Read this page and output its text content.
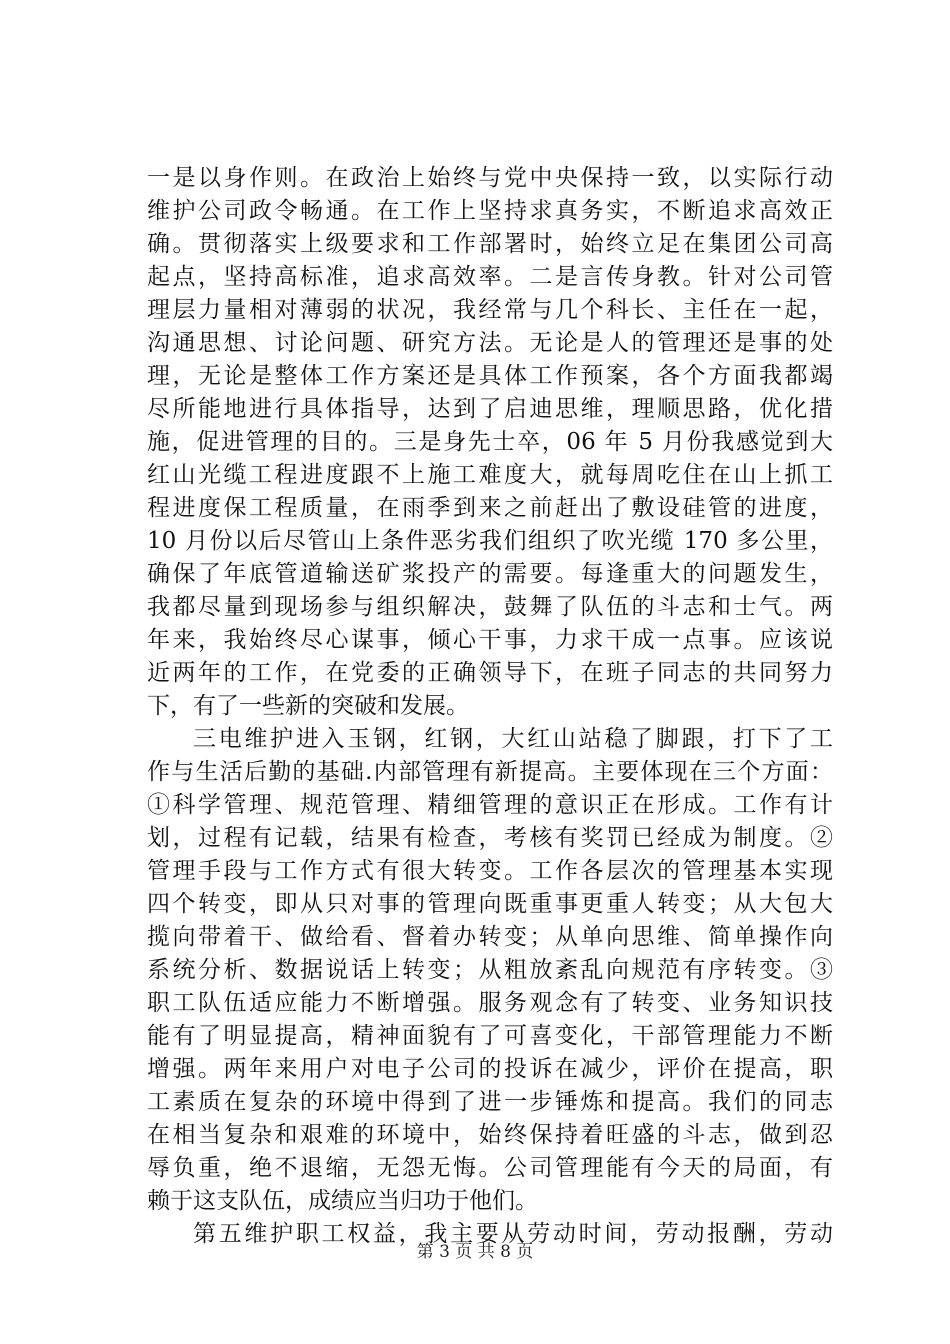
一是以身作则。在政治上始终与党中央保持一致，以实际行动
维护公司政令畅通。在工作上坚持求真务实，不断追求高效正
确。贯彻落实上级要求和工作部署时，始终立足在集团公司高
起点，坚持高标准，追求高效率。二是言传身教。针对公司管
理层力量相对薄弱的状况，我经常与几个科长、主任在一起，
沟通思想、讨论问题、研究方法。无论是人的管理还是事的处
理，无论是整体工作方案还是具体工作预案，各个方面我都竭
尽所能地进行具体指导，达到了启迪思维，理顺思路，优化措
施，促进管理的目的。三是身先士卒，06 年 5 月份我感觉到大
红山光缆工程进度跟不上施工难度大，就每周吃住在山上抓工
程进度保工程质量，在雨季到来之前赶出了敷设硅管的进度，
10 月份以后尽管山上条件恶劣我们组织了吹光缆 170 多公里，
确保了年底管道输送矿浆投产的需要。每逢重大的问题发生，
我都尽量到现场参与组织解决，鼓舞了队伍的斗志和士气。两
年来，我始终尽心谋事，倾心干事，力求干成一点事。应该说
近两年的工作，在党委的正确领导下，在班子同志的共同努力
下，有了一些新的突破和发展。
三电维护进入玉钢，红钢，大红山站稳了脚跟，打下了工
作与生活后勤的基础.内部管理有新提高。主要体现在三个方面：
①科学管理、规范管理、精细管理的意识正在形成。工作有计
划，过程有记载，结果有检查，考核有奖罚已经成为制度。②
管理手段与工作方式有很大转变。工作各层次的管理基本实现
四个转变，即从只对事的管理向既重事更重人转变；从大包大
揽向带着干、做给看、督着办转变；从单向思维、简单操作向
系统分析、数据说话上转变；从粗放紊乱向规范有序转变。③
职工队伍适应能力不断增强。服务观念有了转变、业务知识技
能有了明显提高，精神面貌有了可喜变化，干部管理能力不断
增强。两年来用户对电子公司的投诉在减少，评价在提高，职
工素质在复杂的环境中得到了进一步锤炼和提高。我们的同志
在相当复杂和艰难的环境中，始终保持着旺盛的斗志，做到忍
辱负重，绝不退缩，无怨无悔。公司管理能有今天的局面，有
赖于这支队伍，成绩应当归功于他们。
第五维护职工权益，我主要从劳动时间，劳动报酬，劳动
第 3 页 共 8 页
